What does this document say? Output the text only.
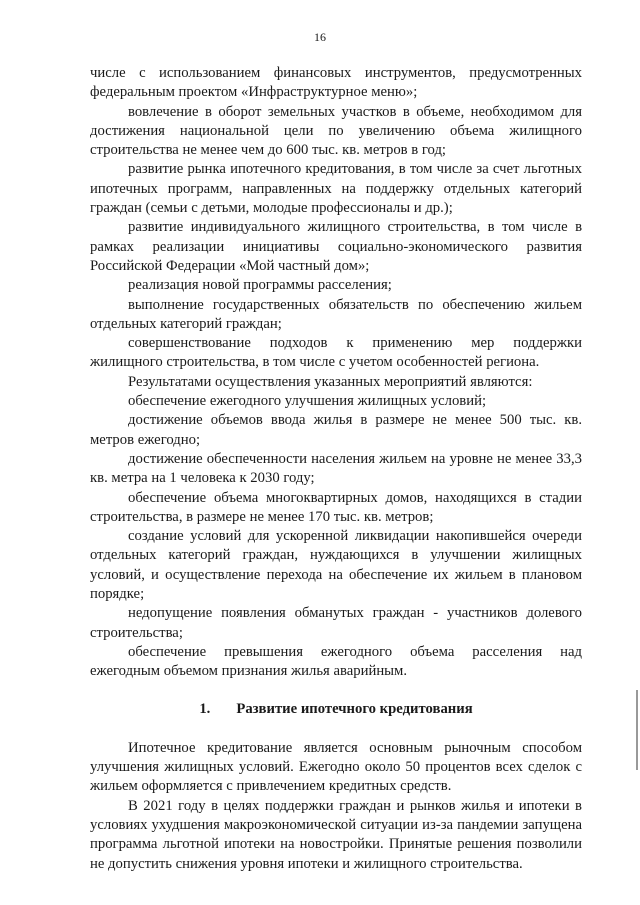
16

числе с использованием финансовых инструментов, предусмотренных федеральным проектом «Инфраструктурное меню»;

вовлечение в оборот земельных участков в объеме, необходимом для достижения национальной цели по увеличению объема жилищного строительства не менее чем до 600 тыс. кв. метров в год;

развитие рынка ипотечного кредитования, в том числе за счет льготных ипотечных программ, направленных на поддержку отдельных категорий граждан (семьи с детьми, молодые профессионалы и др.);

развитие индивидуального жилищного строительства, в том числе в рамках реализации инициативы социально-экономического развития Российской Федерации «Мой частный дом»;

реализация новой программы расселения;

выполнение государственных обязательств по обеспечению жильем отдельных категорий граждан;

совершенствование подходов к применению мер поддержки жилищного строительства, в том числе с учетом особенностей региона.

Результатами осуществления указанных мероприятий являются:

обеспечение ежегодного улучшения жилищных условий;

достижение объемов ввода жилья в размере не менее 500 тыс. кв. метров ежегодно;

достижение обеспеченности населения жильем на уровне не менее 33,3 кв. метра на 1 человека к 2030 году;

обеспечение объема многоквартирных домов, находящихся в стадии строительства, в размере не менее 170 тыс. кв. метров;

создание условий для ускоренной ликвидации накопившейся очереди отдельных категорий граждан, нуждающихся в улучшении жилищных условий, и осуществление перехода на обеспечение их жильем в плановом порядке;

недопущение появления обманутых граждан - участников долевого строительства;

обеспечение превышения ежегодного объема расселения над ежегодным объемом признания жилья аварийным.

1. Развитие ипотечного кредитования

Ипотечное кредитование является основным рыночным способом улучшения жилищных условий. Ежегодно около 50 процентов всех сделок с жильем оформляется с привлечением кредитных средств.

В 2021 году в целях поддержки граждан и рынков жилья и ипотеки в условиях ухудшения макроэкономической ситуации из-за пандемии запущена программа льготной ипотеки на новостройки. Принятые решения позволили не допустить снижения уровня ипотеки и жилищного строительства.
